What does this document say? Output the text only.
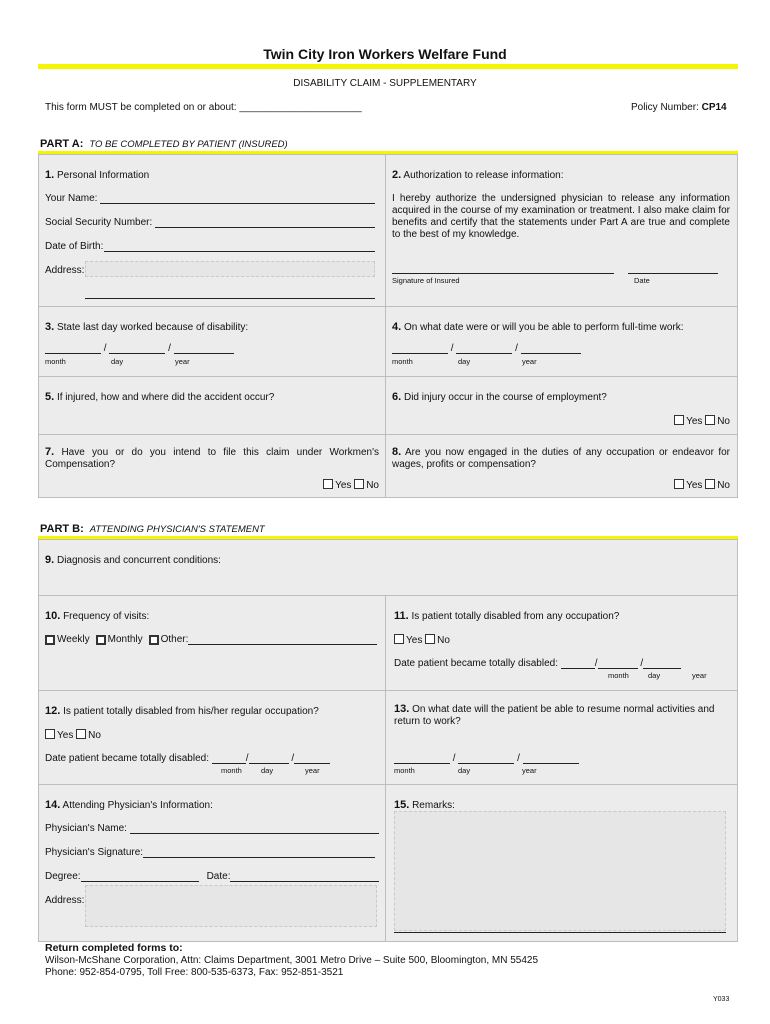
Twin City Iron Workers Welfare Fund
DISABILITY CLAIM - SUPPLEMENTARY
This form MUST be completed on or about: ______________________	Policy Number: CP14
PART A: TO BE COMPLETED BY PATIENT (INSURED)
1. Personal Information
Your Name:
Social Security Number:
Date of Birth:
Address:
2. Authorization to release information:
I hereby authorize the undersigned physician to release any information acquired in the course of my examination or treatment. I also make claim for benefits and certify that the statements under Part A are true and complete to the best of my knowledge.
Signature of Insured	Date
3. State last day worked because of disability:
/	/
month	day	year
4. On what date were or will you be able to perform full-time work:
/	/
month	day	year
5. If injured, how and where did the accident occur?	6. Did injury occur in the course of employment?
Yes No
7. Have you or do you intend to file this claim under Workmen's Compensation?
Yes No
8. Are you now engaged in the duties of any occupation or endeavor for wages, profits or compensation?
Yes No
PART B: ATTENDING PHYSICIAN'S STATEMENT
9. Diagnosis and concurrent conditions:
10. Frequency of visits:
Weekly Monthly Other:
11. Is patient totally disabled from any occupation?
Yes No
Date patient became totally disabled:	/	/
month	day	year
12. Is patient totally disabled from his/her regular occupation?
Yes No
Date patient became totally disabled:	/	/
month	day	year
13. On what date will the patient be able to resume normal activities and return to work?
/	/
month	day	year
14. Attending Physician's Information:
Physician's Name:
Physician's Signature:
Degree:	Date:
Address:
15. Remarks:
Return completed forms to:
Wilson-McShane Corporation, Attn: Claims Department, 3001 Metro Drive – Suite 500, Bloomington, MN 55425
Phone: 952-854-0795, Toll Free: 800-535-6373, Fax: 952-851-3521
Y033
